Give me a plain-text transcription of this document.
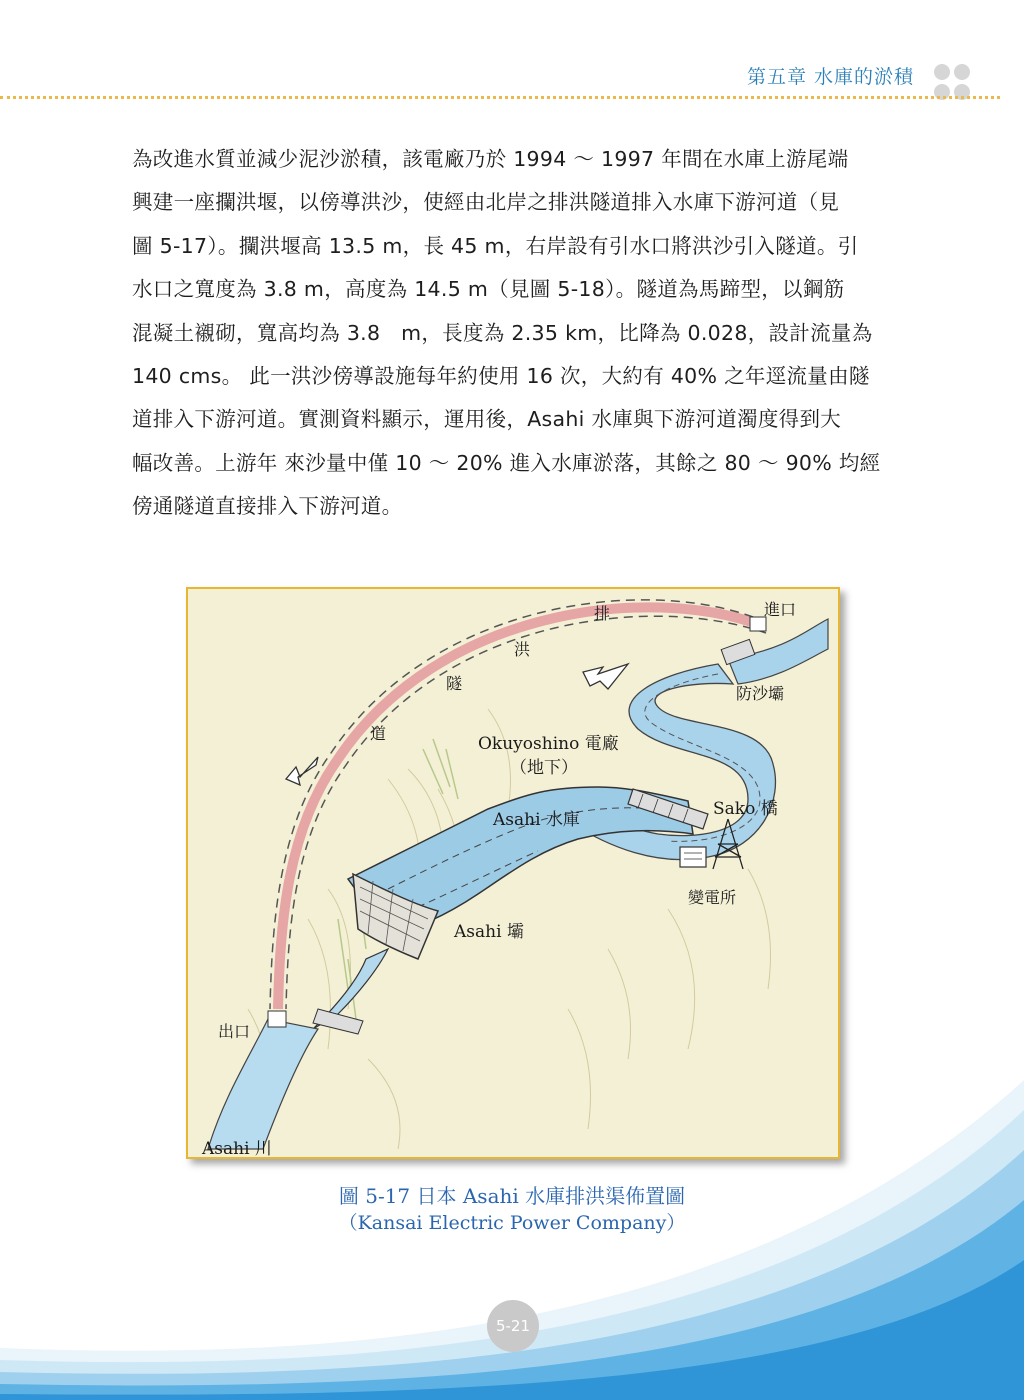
第五章 水庫的淤積

為改進水質並減少泥沙淤積，該電廠乃於 1994 ～ 1997 年間在水庫上游尾端

興建一座攔洪堰，以傍導洪沙，使經由北岸之排洪隧道排入水庫下游河道（見

圖 5-17）。攔洪堰高 13.5 m，長 45 m，右岸設有引水口將洪沙引入隧道。引

水口之寬度為 3.8 m，高度為 14.5 m（見圖 5-18）。隧道為馬蹄型，以鋼筋

混凝土襯砌，寬高均為 3.8　m，長度為 2.35 km，比降為 0.028，設計流量為

140 cms。 此一洪沙傍導設施每年約使用 16 次，大約有 40% 之年逕流量由隧

道排入下游河道。實測資料顯示，運用後，Asahi 水庫與下游河道濁度得到大

幅改善。上游年 來沙量中僅 10 ～ 20% 進入水庫淤落，其餘之 80 ～ 90% 均經

傍通隧道直接排入下游河道。

進口
排
洪
隧
道
防沙壩
Okuyoshino 電廠
（地下）
Asahi 水庫
Sako 橋
變電所
Asahi 壩
出口
Asahi 川
圖 5-17 日本 Asahi 水庫排洪渠佈置圖
（Kansai Electric Power Company）
5-21
